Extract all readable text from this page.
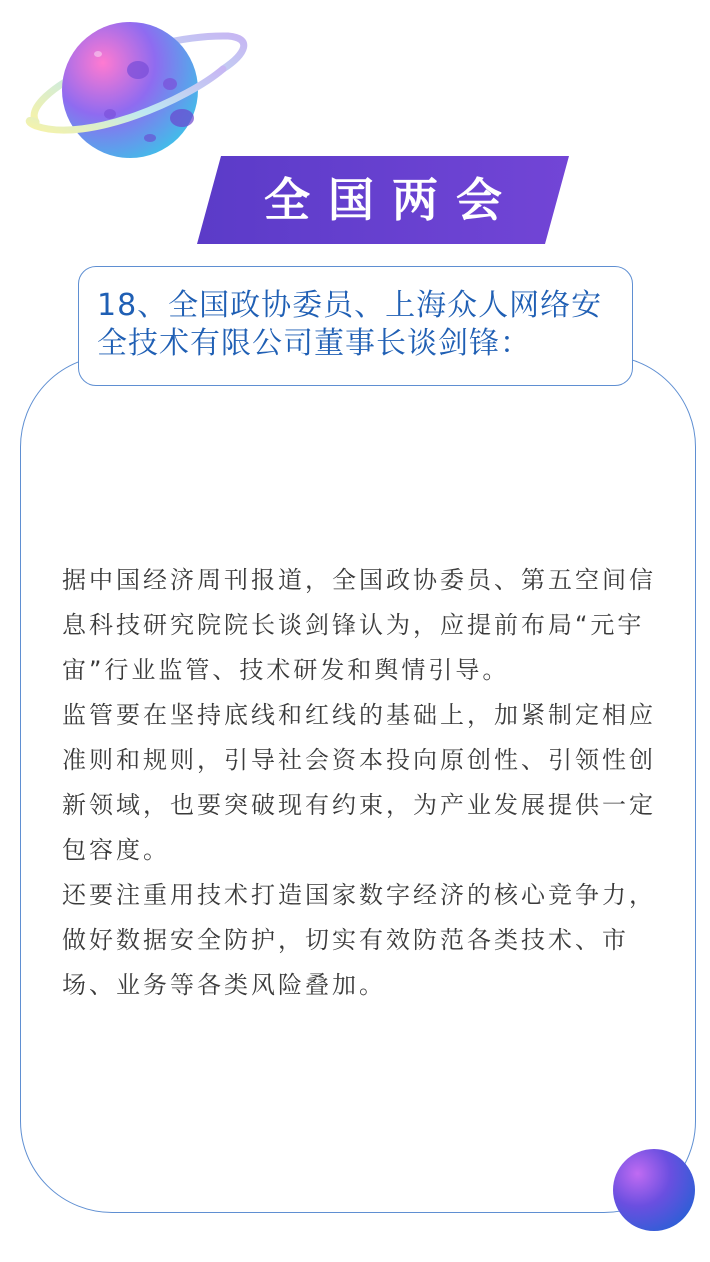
全国两会
18、全国政协委员、上海众人网络安全技术有限公司董事长谈剑锋：

据中国经济周刊报道，全国政协委员、第五空间信息科技研究院院长谈剑锋认为，应提前布局“元宇宙”行业监管、技术研发和舆情引导。

监管要在坚持底线和红线的基础上，加紧制定相应准则和规则，引导社会资本投向原创性、引领性创新领域，也要突破现有约束，为产业发展提供一定包容度。

还要注重用技术打造国家数字经济的核心竞争力，做好数据安全防护，切实有效防范各类技术、市场、业务等各类风险叠加。
